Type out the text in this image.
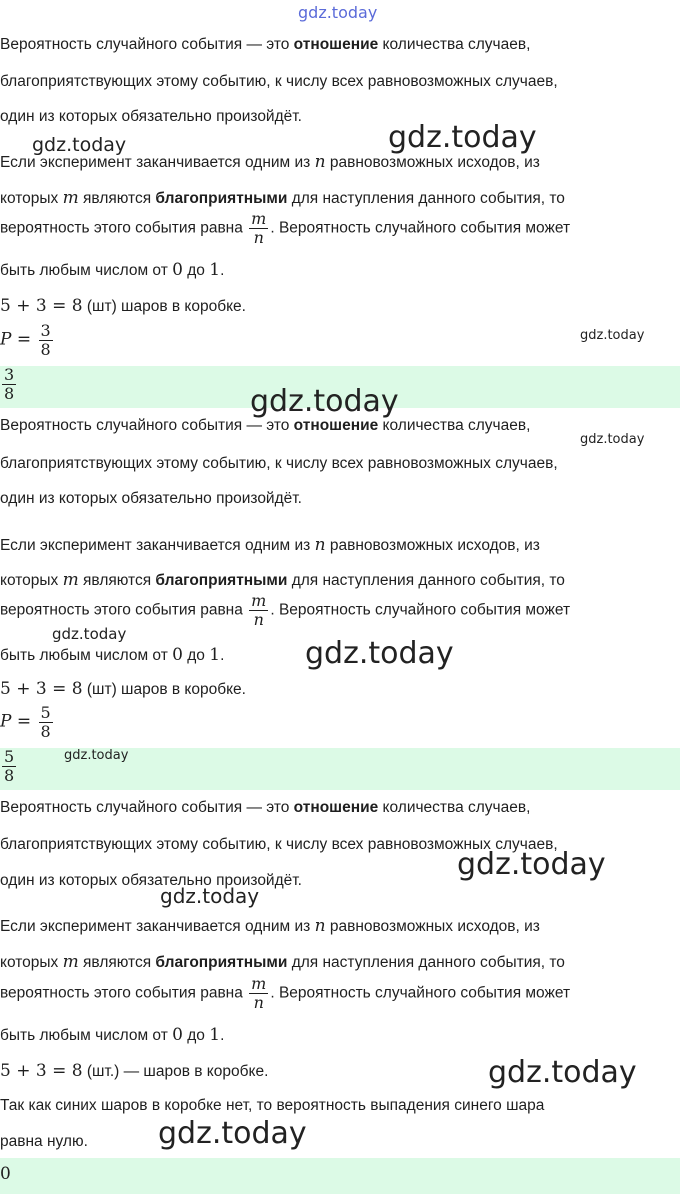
gdz.today
Вероятность случайного события — это отношение количества случаев,
благоприятствующих этому событию, к числу всех равновозможных случаев,
один из которых обязательно произойдёт.
Если эксперимент заканчивается одним из n равновозможных исходов, из
которых m являются благоприятными для наступления данного события, то
вероятность этого события равна $\frac{m}{n}$ . Вероятность случайного события может
быть любым числом от 0 до 1.
5 + 3 = 8 (шт) шаров в коробке.
$P = \frac{3}{8}$
$\frac{3}{8}$
Вероятность случайного события — это отношение количества случаев,
благоприятствующих этому событию, к числу всех равновозможных случаев,
один из которых обязательно произойдёт.
Если эксперимент заканчивается одним из n равновозможных исходов, из
которых m являются благоприятными для наступления данного события, то
вероятность этого события равна $\frac{m}{n}$ . Вероятность случайного события может
быть любым числом от 0 до 1.
5 + 3 = 8 (шт) шаров в коробке.
$P = \frac{5}{8}$
$\frac{5}{8}$
Вероятность случайного события — это отношение количества случаев,
благоприятствующих этому событию, к числу всех равновозможных случаев,
один из которых обязательно произойдёт.
Если эксперимент заканчивается одним из n равновозможных исходов, из
которых m являются благоприятными для наступления данного события, то
вероятность этого события равна $\frac{m}{n}$ . Вероятность случайного события может
быть любым числом от 0 до 1.
5 + 3 = 8 (шт.) — шаров в коробке.
Так как синих шаров в коробке нет, то вероятность выпадения синего шара
равна нулю.
0
gdz.today	gdz.today
gdz.today
gdz.today
gdz.today
gdz.today
gdz.today
gdz.today
gdz.today
gdz.today
gdz.today
gdz.today
